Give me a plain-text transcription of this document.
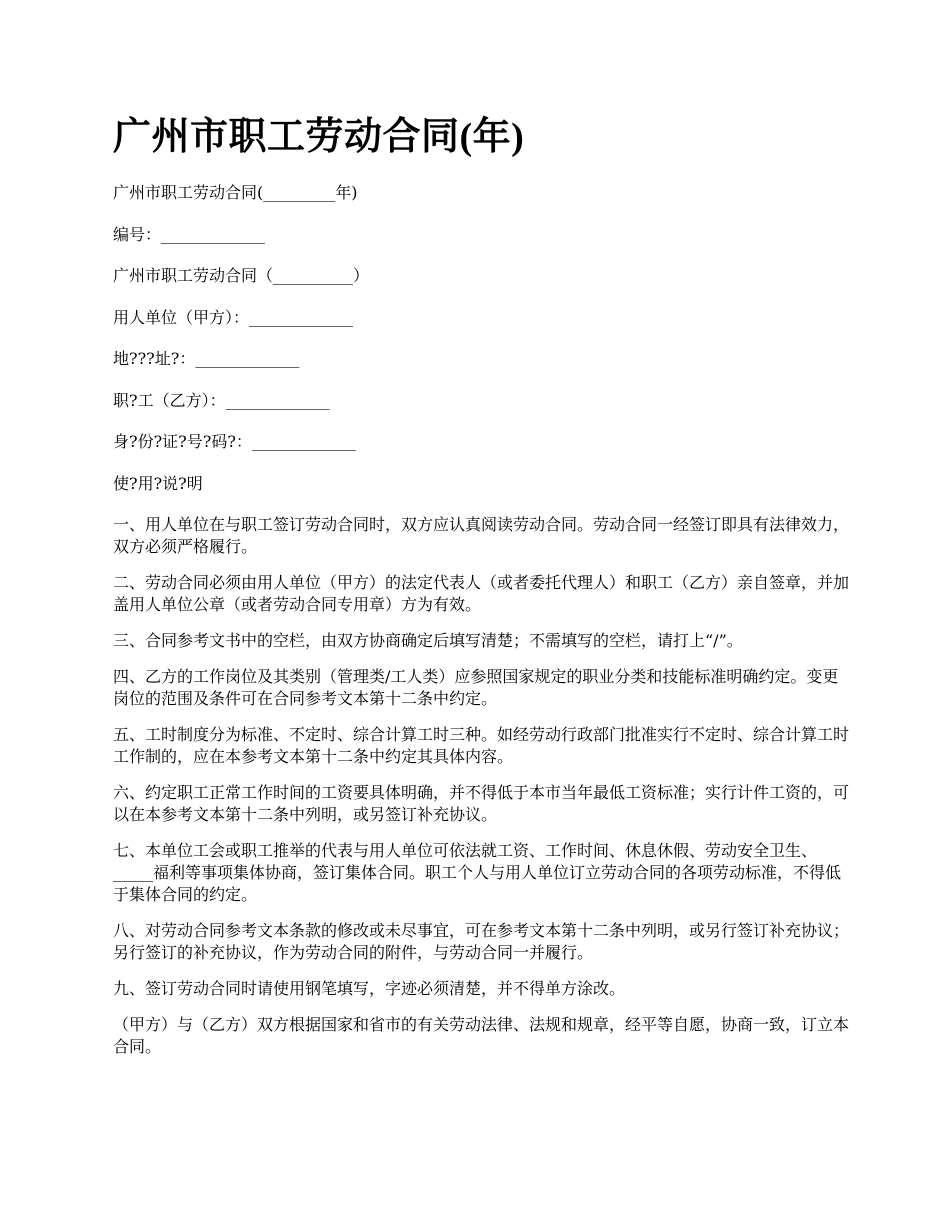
广州市职工劳动合同(年)
广州市职工劳动合同(_________年)
编号：_____________
广州市职工劳动合同（__________）
用人单位（甲方）：_____________
地???址?：_____________
职?工（乙方）：_____________
身?份?证?号?码?：_____________
使?用?说?明

一、用人单位在与职工签订劳动合同时，双方应认真阅读劳动合同。劳动合同一经签订即具有法律效力，双方必须严格履行。

二、劳动合同必须由用人单位（甲方）的法定代表人（或者委托代理人）和职工（乙方）亲自签章，并加盖用人单位公章（或者劳动合同专用章）方为有效。

三、合同参考文书中的空栏，由双方协商确定后填写清楚；不需填写的空栏，请打上“/”。

四、乙方的工作岗位及其类别（管理类/工人类）应参照国家规定的职业分类和技能标准明确约定。变更岗位的范围及条件可在合同参考文本第十二条中约定。

五、工时制度分为标准、不定时、综合计算工时三种。如经劳动行政部门批准实行不定时、综合计算工时工作制的，应在本参考文本第十二条中约定其具体内容。

六、约定职工正常工作时间的工资要具体明确，并不得低于本市当年最低工资标准；实行计件工资的，可以在本参考文本第十二条中列明，或另签订补充协议。

七、本单位工会或职工推举的代表与用人单位可依法就工资、工作时间、休息休假、劳动安全卫生、_____福利等事项集体协商，签订集体合同。职工个人与用人单位订立劳动合同的各项劳动标准，不得低于集体合同的约定。

八、对劳动合同参考文本条款的修改或未尽事宜，可在参考文本第十二条中列明，或另行签订补充协议；另行签订的补充协议，作为劳动合同的附件，与劳动合同一并履行。

九、签订劳动合同时请使用钢笔填写，字迹必须清楚，并不得单方涂改。

（甲方）与（乙方）双方根据国家和省市的有关劳动法律、法规和规章，经平等自愿，协商一致，订立本合同。
